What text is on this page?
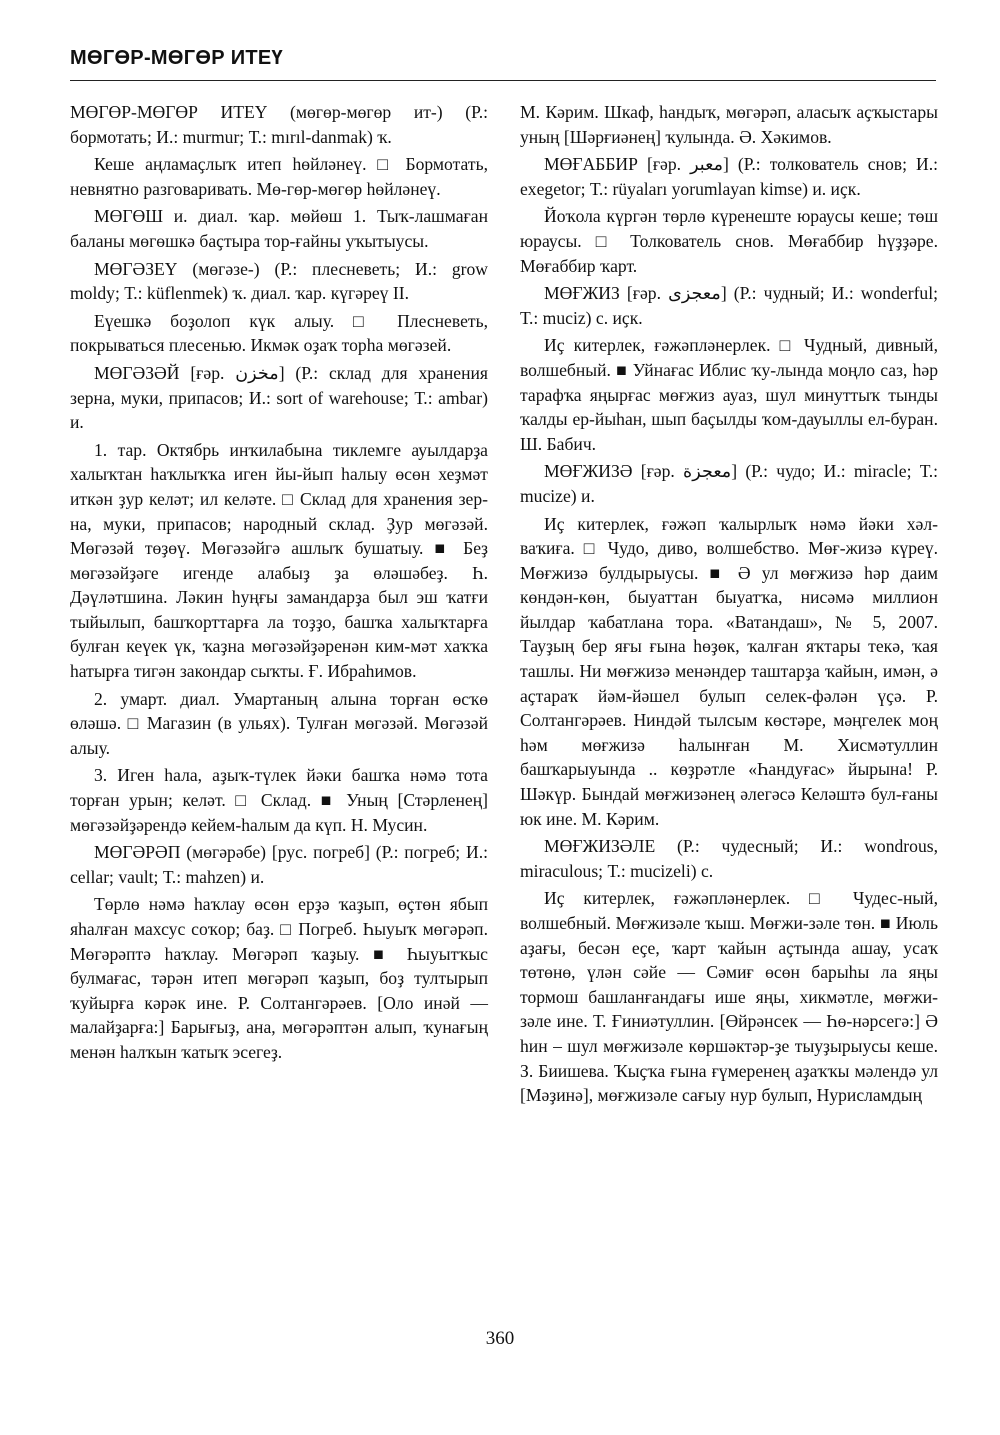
МӨГӨР-МӨГӨР ИТЕҮ

МӨГӨР-МӨГӨР ИТЕҮ (мөгөр-мөгөр ит-) (Р.: бормотать; И.: murmur; Т.: mırıl-danmak) ҡ.

Кеше аңламаҫлыҡ итеп һөйләнеү. □ Бормотать, невнятно разговаривать. Мө-гөр-мөгөр һөйләнеү.

МӨГӨШ и. диал. ҡар. мөйөш 1. Тыҡ-лашмаған баланы мөгөшкә баҫтыра тор-ғайны уҡытыусы.

МӨГӘЗЕҮ (мөгәзе-) (Р.: плесневеть; И.: grow moldy; Т.: küflenmek) ҡ. диал. ҡар. күгәреү II.

Еүешкә боҙолоп күк алыу. □ Плесневеть, покрываться плесенью. Икмәк оҙаҡ торһа мөгәзей.

МӨГӘЗӘЙ [ғәр. مخزن] (Р.: склад для хранения зерна, муки, припасов; И.: sort of warehouse; Т.: ambar) и.

1. тар. Октябрь инҡилабына тиклемге ауылдарҙа халыҡтан һаҡлыҡҡа иген йы-йып һалыу өсөн хеҙмәт иткән ҙур келәт; ил келәте. □ Склад для хранения зер-на, муки, припасов; народный склад. Ҙур мөгәзәй. Мөгәзәй төҙөү. Мөгәзәйгә ашлыҡ бушатыу. ■ Беҙ мөгәзәйҙәге игенде алабыҙ ҙа өләшәбеҙ. Һ. Дәүләтшина. Ләкин һуңғы замандарҙа был эш ҡатғи тыйылып, башҡорттарға ла тоҙҙо, башҡа халыҡтарға булған кеүек үк, ҡаҙна мөгәзәйҙәренән ким-мәт хаҡҡа һатырға тигән закондар сыҡты. Ғ. Ибраһимов.

2. умарт. диал. Умартаның алына торған өсҡө өләшә. □ Магазин (в ульях). Тулған мөгәзәй. Мөгәзәй алыу.

3. Иген һала, аҙыҡ-түлек йәки башҡа нәмә тота торған урын; келәт. □ Склад. ■ Уның [Стәрленең] мөгәзәйҙәрендә кейем-һалым да күп. Н. Мусин.

МӨГӘРӘП (мөгәрәбе) [рус. погреб] (Р.: погреб; И.: cellar; vault; Т.: mahzen) и.

Төрлө нәмә һаҡлау өсөн ерҙә ҡаҙып, өҫтөн ябып яһалған махсус соҡор; баҙ. □ Погреб. Һыуыҡ мөгәрәп. Мөгәрәптә һаҡлау. Мөгәрәп ҡаҙыу. ■ Һыуытҡыс булмағас, тәрән итеп мөгәрәп ҡаҙып, боҙ тултырып ҡуйырға кәрәк ине. Р. Солтангәрәев. [Оло инәй — малайҙарға:] Барығыҙ, ана, мөгәрәптән алып, ҡунағың менән һалҡын ҡатыҡ эсегеҙ.

М. Кәрим. Шкаф, һандыҡ, мөгәрәп, аласыҡ аҫҡыстары уның [Шәрғиәнең] ҡулында. Ә. Хәкимов.

МӨҒАББИР [ғәр. معبر] (Р.: толкователь снов; И.: exegetor; Т.: rüyaları yorumlayan kimse) и. иҫк.

Йоҡола күргән төрлө күренеште юраусы кеше; төш юраусы. □ Толкователь снов. Мөғаббир һүҙҙәре. Мөғаббир ҡарт.

МӨҒЖИЗ [ғәр. معجزى] (Р.: чудный; И.: wonderful; Т.: muciz) с. иҫк.

Иҫ китерлек, ғәжәпләнерлек. □ Чудный, дивный, волшебный. ■ Уйнағас Иблис ҡу-лында моңло саз, һәр тарафҡа яңырғас мөғжиз ауаз, шул минуттыҡ тынды ҡалды ер-йыһан, шып баҫылды ҡом-дауыллы ел-буран. Ш. Бабич.

МӨҒЖИЗӘ [ғәр. معجزة] (Р.: чудо; И.: miracle; Т.: mucize) и.

Иҫ китерлек, ғәжәп ҡалырлыҡ нәмә йәки хәл-ваҡиға. □ Чудо, диво, волшебство. Мөғ-жизә күреү. Мөғжизә булдырыусы. ■ Ә ул мөғжизә һәр даим көндән-көн, быуаттан быуатҡа, нисәмә миллион йылдар ҡабатлана тора. «Ватандаш», № 5, 2007. Тауҙың бер яғы ғына һөҙөк, ҡалған яҡтары текә, ҡая ташлы. Ни мөғжизә менәндер таштарҙа ҡайын, имән, ә аҫтараҡ йәм-йәшел булып селек-фәлән үҫә. Р. Солтангәрәев. Ниндәй тылсым көстәре, мәңгелек моң һәм мөғжизә һалынған М. Хисмәтуллин башҡарыуында .. көҙрәтле «Һандуғас» йырына! Р. Шәкүр. Бындай мөғжизәнең әлегәсә Келәштә бул-ғаны юк ине. М. Кәрим.

МӨҒЖИЗӘЛЕ (Р.: чудесный; И.: wondrous, miraculous; Т.: mucizeli) с.

Иҫ китерлек, ғәжәпләнерлек. □ Чудес-ный, волшебный. Мөғжизәле ҡыш. Мөғжи-зәле төн. ■ Июль аҙағы, бесән еҫе, ҡарт ҡайын аҫтында ашау, усаҡ төтөнө, үлән сәйе — Сәмиғ өсөн барыһы ла яңы тормош башланғандағы ише яңы, хикмәтле, мөғжи-зәле ине. Т. Ғиниәтуллин. [Өйрәнсек — Һө-нәрсегә:] Ә һин – шул мөғжизәле көршәктәр-ҙе тыуҙырыусы кеше. З. Биишева. Ҡыҫҡа ғына ғүмеренең аҙаҡҡы мәлендә ул [Мәҙинә], мөғжизәле сағыу нур булып, Нурисламдың

360
